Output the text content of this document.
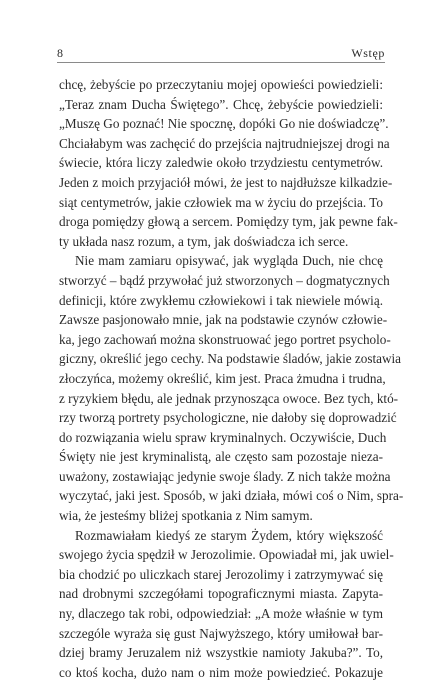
8	Wstęp

chcę, żebyście po przeczytaniu mojej opowieści powiedzieli:
„Teraz znam Ducha Świętego”. Chcę, żebyście powiedzieli:
„Muszę Go poznać! Nie spocznę, dopóki Go nie doświadczę”.
Chciałabym was zachęcić do przejścia najtrudniejszej drogi na
świecie, która liczy zaledwie około trzydziestu centymetrów.
Jeden z moich przyjaciół mówi, że jest to najdłuższe kilkadzie-
siąt centymetrów, jakie człowiek ma w życiu do przejścia. To
droga pomiędzy głową a sercem. Pomiędzy tym, jak pewne fak-
ty układa nasz rozum, a tym, jak doświadcza ich serce.

Nie mam zamiaru opisywać, jak wygląda Duch, nie chcę
stworzyć – bądź przywołać już stworzonych – dogmatycznych
definicji, które zwykłemu człowiekowi i tak niewiele mówią.
Zawsze pasjonowało mnie, jak na podstawie czynów człowie-
ka, jego zachowań można skonstruować jego portret psycholo-
giczny, określić jego cechy. Na podstawie śladów, jakie zostawia
złoczyńca, możemy określić, kim jest. Praca żmudna i trudna,
z ryzykiem błędu, ale jednak przynosząca owoce. Bez tych, któ-
rzy tworzą portrety psychologiczne, nie dałoby się doprowadzić
do rozwiązania wielu spraw kryminalnych. Oczywiście, Duch
Święty nie jest kryminalistą, ale często sam pozostaje nieza-
uważony, zostawiając jedynie swoje ślady. Z nich także można
wyczytać, jaki jest. Sposób, w jaki działa, mówi coś o Nim, spra-
wia, że jesteśmy bliżej spotkania z Nim samym.

Rozmawiałam kiedyś ze starym Żydem, który większość
swojego życia spędził w Jerozolimie. Opowiadał mi, jak uwiel-
bia chodzić po uliczkach starej Jerozolimy i zatrzymywać się
nad drobnymi szczegółami topograficznymi miasta. Zapyta-
ny, dlaczego tak robi, odpowiedział: „A może właśnie w tym
szczególe wyraża się gust Najwyższego, który umiłował bar-
dziej bramy Jeruzalem niż wszystkie namioty Jakuba?”. To,
co ktoś kocha, dużo nam o nim może powiedzieć. Pokazuje
